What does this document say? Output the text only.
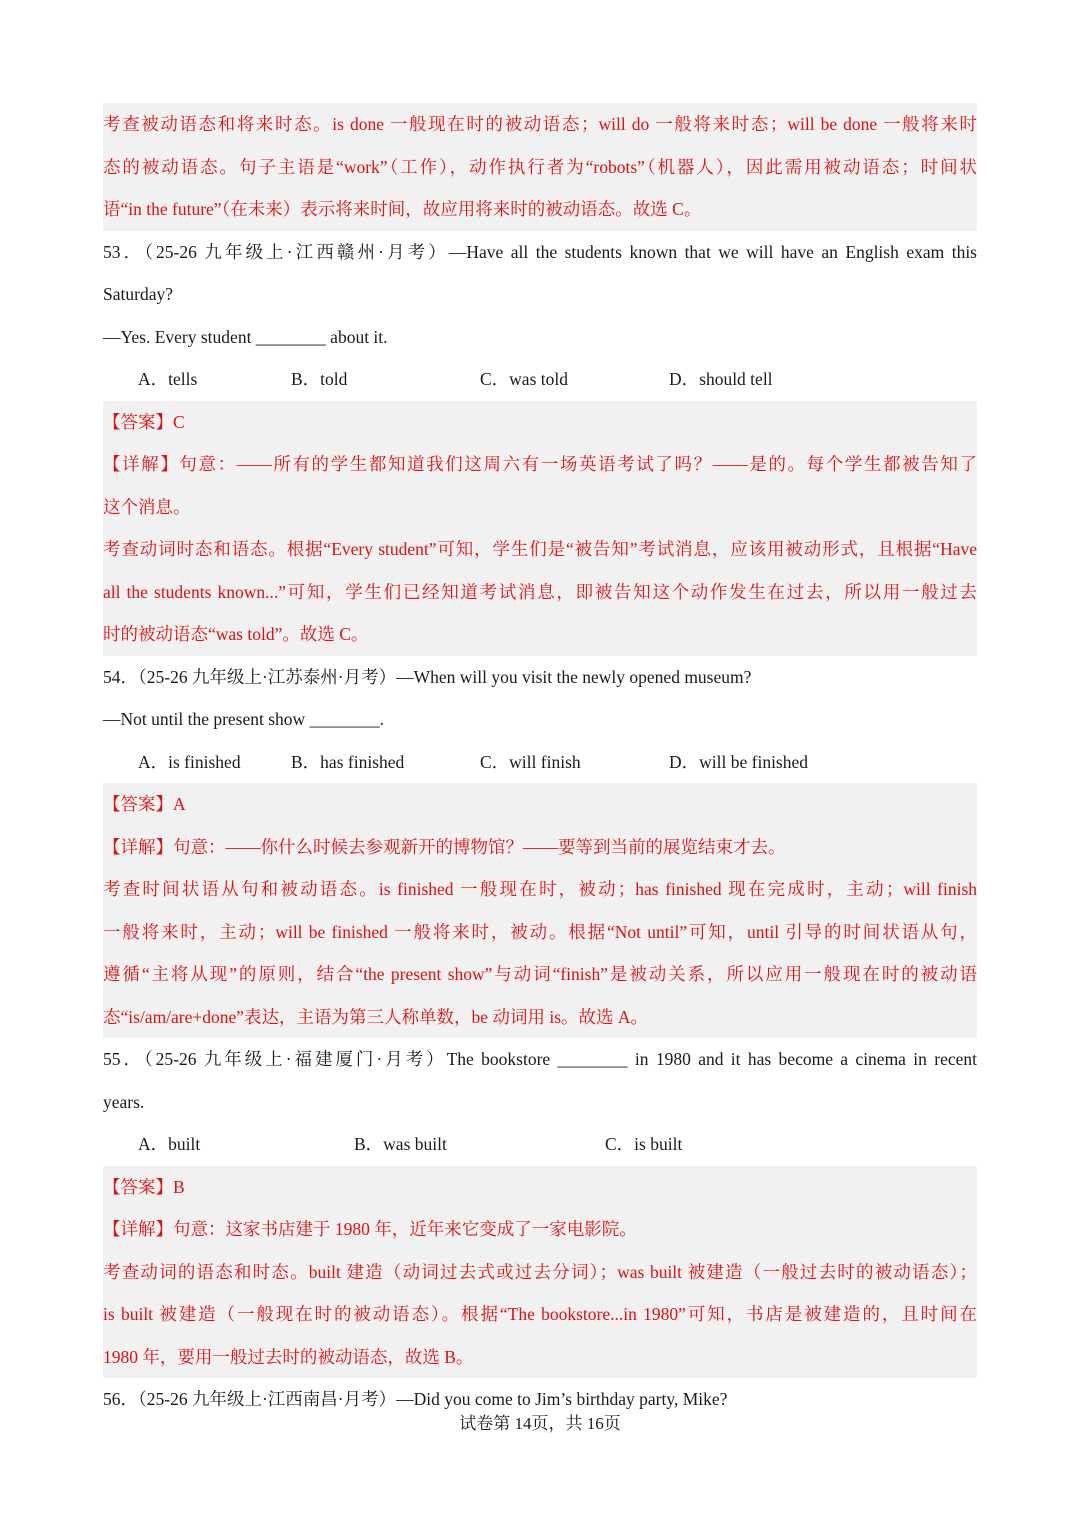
考查被动语态和将来时态。is done 一般现在时的被动语态；will do 一般将来时态；will be done 一般将来时
态的被动语态。句子主语是“work”（工作），动作执行者为“robots”（机器人），因此需用被动语态；时间状
语“in the future”（在未来）表示将来时间，故应用将来时的被动语态。故选 C。
53．（25-26 九年级上·江西赣州·月考）—Have all the students known that we will have an English exam this
Saturday?
—Yes. Every student ________ about it.
A．tells	B．told	C．was told	D．should tell
【答案】C
【详解】句意：——所有的学生都知道我们这周六有一场英语考试了吗？——是的。每个学生都被告知了
这个消息。
考查动词时态和语态。根据“Every student”可知，学生们是“被告知”考试消息，应该用被动形式，且根据“Have
all the students known...”可知，学生们已经知道考试消息，即被告知这个动作发生在过去，所以用一般过去
时的被动语态“was told”。故选 C。
54．（25-26 九年级上·江苏泰州·月考）—When will you visit the newly opened museum?
—Not until the present show ________.
A．is finished	B．has finished	C．will finish	D．will be finished
【答案】A
【详解】句意：——你什么时候去参观新开的博物馆？——要等到当前的展览结束才去。
考查时间状语从句和被动语态。is finished 一般现在时，被动；has finished 现在完成时，主动；will finish
一般将来时，主动；will be finished 一般将来时，被动。根据“Not until”可知，until 引导的时间状语从句，
遵循“主将从现”的原则，结合“the present show”与动词“finish”是被动关系，所以应用一般现在时的被动语
态“is/am/are+done”表达，主语为第三人称单数，be 动词用 is。故选 A。
55．（25-26 九年级上·福建厦门·月考）The bookstore ________ in 1980 and it has become a cinema in recent
years.
A．built	B．was built	C．is built
【答案】B
【详解】句意：这家书店建于 1980 年，近年来它变成了一家电影院。
考查动词的语态和时态。built 建造（动词过去式或过去分词）；was built 被建造（一般过去时的被动语态）；
is built 被建造（一般现在时的被动语态）。根据“The bookstore...in 1980”可知，书店是被建造的，且时间在
1980 年，要用一般过去时的被动语态，故选 B。
56．（25-26 九年级上·江西南昌·月考）—Did you come to Jim’s birthday party, Mike?
试卷第 14页，共 16页
